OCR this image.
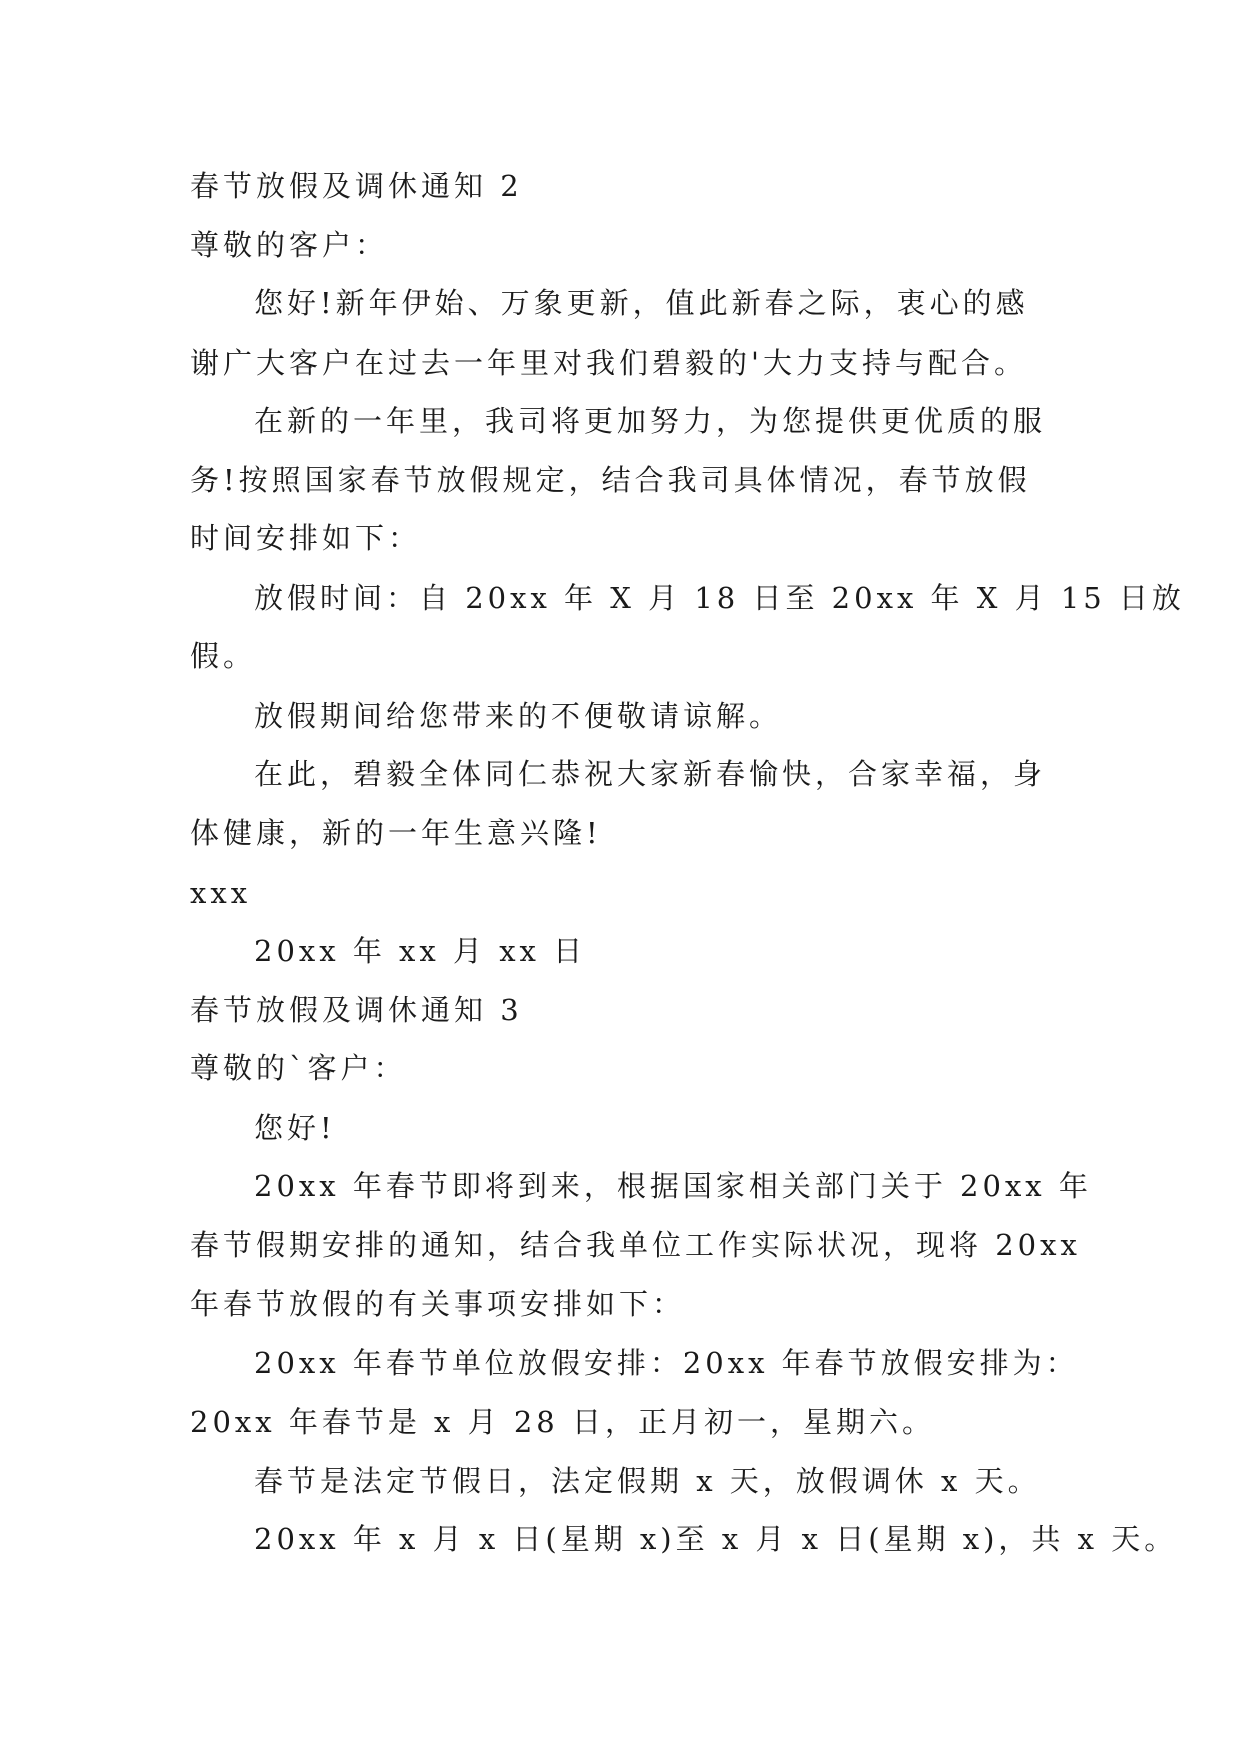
春节放假及调休通知 2
尊敬的客户：
您好!新年伊始、万象更新，值此新春之际，衷心的感
谢广大客户在过去一年里对我们碧毅的'大力支持与配合。
在新的一年里，我司将更加努力，为您提供更优质的服
务!按照国家春节放假规定，结合我司具体情况，春节放假
时间安排如下：
放假时间：自 20xx 年 X 月 18 日至 20xx 年 X 月 15 日放
假。
放假期间给您带来的不便敬请谅解。
在此，碧毅全体同仁恭祝大家新春愉快，合家幸福，身
体健康，新的一年生意兴隆!
xxx
20xx 年 xx 月 xx 日
春节放假及调休通知 3
尊敬的`客户：
您好!
20xx 年春节即将到来，根据国家相关部门关于 20xx 年
春节假期安排的通知，结合我单位工作实际状况，现将 20xx
年春节放假的有关事项安排如下：
20xx 年春节单位放假安排：20xx 年春节放假安排为：
20xx 年春节是 x 月 28 日，正月初一，星期六。
春节是法定节假日，法定假期 x 天，放假调休 x 天。
20xx 年 x 月 x 日(星期 x)至 x 月 x 日(星期 x)，共 x 天。
